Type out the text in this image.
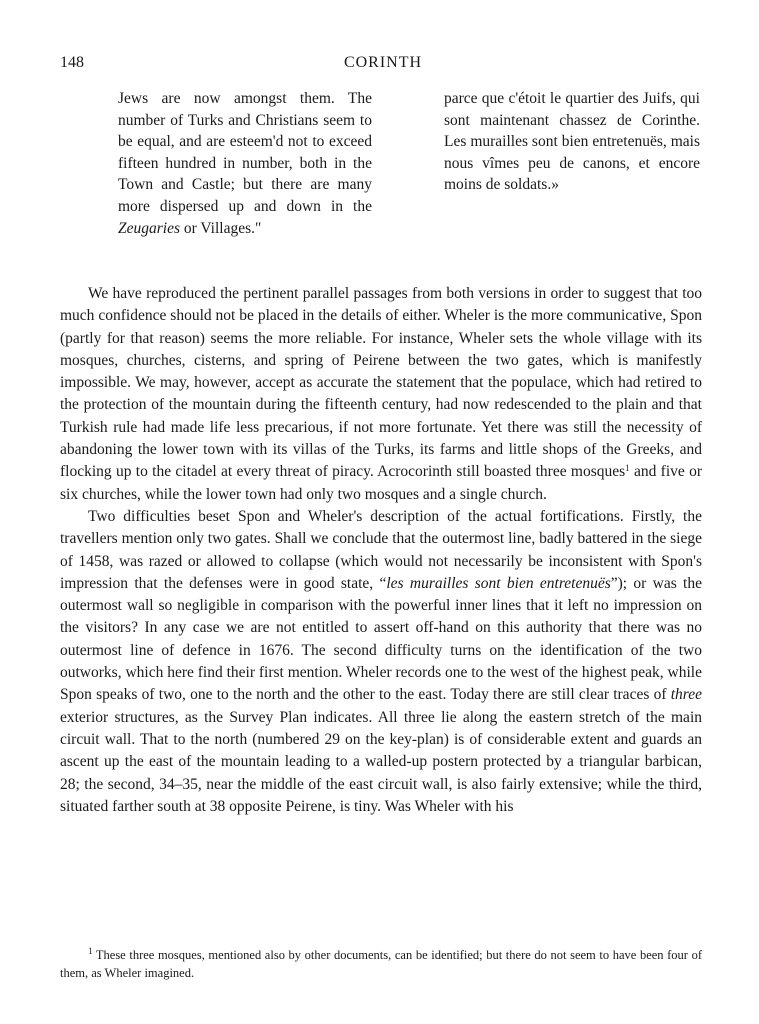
148	CORINTH
Jews are now amongst them. The number of Turks and Christians seem to be equal, and are esteem'd not to exceed fifteen hundred in number, both in the Town and Castle; but there are many more dispersed up and down in the Zeugaries or Villages."
parce que c'étoit le quartier des Juifs, qui sont maintenant chassez de Corinthe. Les murailles sont bien entretenuës, mais nous vîmes peu de canons, et encore moins de soldats.»

We have reproduced the pertinent parallel passages from both versions in order to suggest that too much confidence should not be placed in the details of either. Wheler is the more communicative, Spon (partly for that reason) seems the more reliable. For instance, Wheler sets the whole village with its mosques, churches, cisterns, and spring of Peirene between the two gates, which is manifestly impossible. We may, however, accept as accurate the statement that the populace, which had retired to the protection of the mountain during the fifteenth century, had now redescended to the plain and that Turkish rule had made life less precarious, if not more fortunate. Yet there was still the necessity of abandoning the lower town with its villas of the Turks, its farms and little shops of the Greeks, and flocking up to the citadel at every threat of piracy. Acrocorinth still boasted three mosques$^1$ and five or six churches, while the lower town had only two mosques and a single church.

Two difficulties beset Spon and Wheler's description of the actual fortifications. Firstly, the travellers mention only two gates. Shall we conclude that the outermost line, badly battered in the siege of 1458, was razed or allowed to collapse (which would not necessarily be inconsistent with Spon's impression that the defenses were in good state, “les murailles sont bien entretenuës”); or was the outermost wall so negligible in comparison with the powerful inner lines that it left no impression on the visitors? In any case we are not entitled to assert off-hand on this authority that there was no outermost line of defence in 1676. The second difficulty turns on the identification of the two outworks, which here find their first mention. Wheler records one to the west of the highest peak, while Spon speaks of two, one to the north and the other to the east. Today there are still clear traces of three exterior structures, as the Survey Plan indicates. All three lie along the eastern stretch of the main circuit wall. That to the north (numbered 29 on the key-plan) is of considerable extent and guards an ascent up the east of the mountain leading to a walled-up postern protected by a triangular barbican, 28; the second, 34–35, near the middle of the east circuit wall, is also fairly extensive; while the third, situated farther south at 38 opposite Peirene, is tiny. Was Wheler with his

$^1$ These three mosques, mentioned also by other documents, can be identified; but there do not seem to have been four of them, as Wheler imagined.
